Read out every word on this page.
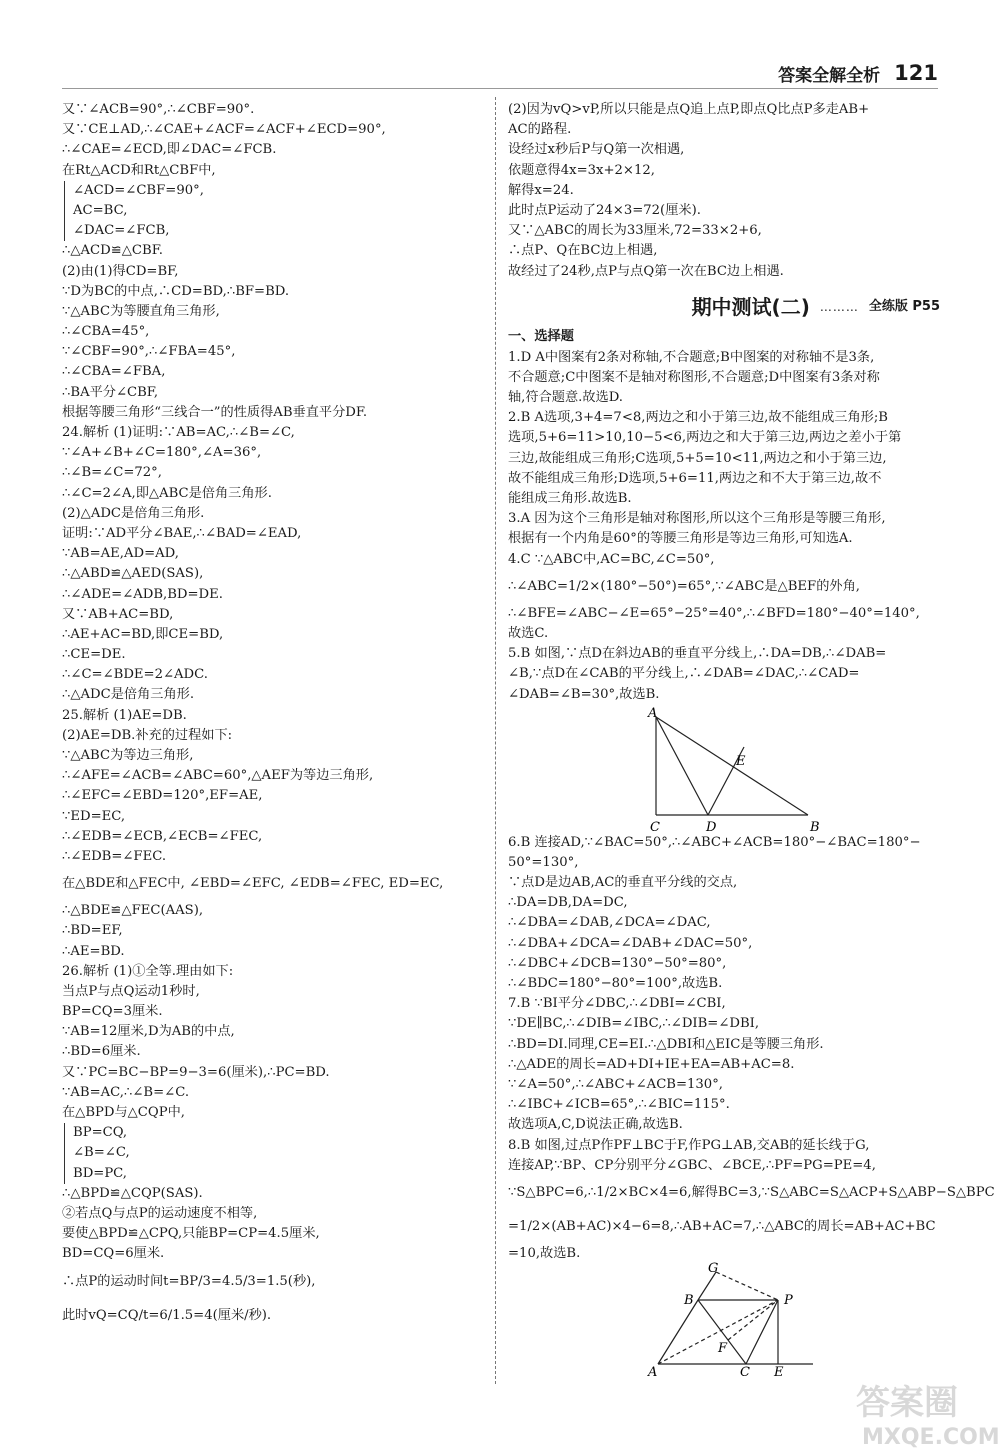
答案全解全析 121
又∵∠ACB=90°,∴∠CBF=90°.
又∵CE⊥AD,∴∠CAE+∠ACF=∠ACF+∠ECD=90°,
∴∠CAE=∠ECD,即∠DAC=∠FCB.
在Rt△ACD和Rt△CBF中,
∠ACD=∠CBF=90°,
AC=BC,
∠DAC=∠FCB,
∴△ACD≌△CBF.
(2)由(1)得CD=BF,
∵D为BC的中点,∴CD=BD,∴BF=BD.
∵△ABC为等腰直角三角形,
∴∠CBA=45°,
∵∠CBF=90°,∴∠FBA=45°,
∴∠CBA=∠FBA,
∴BA平分∠CBF,
根据等腰三角形“三线合一”的性质得AB垂直平分DF.
24.解析 (1)证明:∵AB=AC,∴∠B=∠C,
∵∠A+∠B+∠C=180°,∠A=36°,
∴∠B=∠C=72°,
∴∠C=2∠A,即△ABC是倍角三角形.
(2)△ADC是倍角三角形.
证明:∵AD平分∠BAE,∴∠BAD=∠EAD,
∵AB=AE,AD=AD,
∴△ABD≌△AED(SAS),
∴∠ADE=∠ADB,BD=DE.
又∵AB+AC=BD,
∴AE+AC=BD,即CE=BD,
∴CE=DE.
∴∠C=∠BDE=2∠ADC.
∴△ADC是倍角三角形.
25.解析 (1)AE=DB.
(2)AE=DB.补充的过程如下:
∵△ABC为等边三角形,
∴∠AFE=∠ACB=∠ABC=60°,△AEF为等边三角形,
∴∠EFC=∠EBD=120°,EF=AE,
∵ED=EC,
∴∠EDB=∠ECB,∠ECB=∠FEC,
∴∠EDB=∠FEC.
在△BDE和△FEC中, ∠EBD=∠EFC, ∠EDB=∠FEC, ED=EC,
∴△BDE≌△FEC(AAS),
∴BD=EF,
∴AE=BD.
26.解析 (1)①全等.理由如下:
当点P与点Q运动1秒时,
BP=CQ=3厘米.
∵AB=12厘米,D为AB的中点,
∴BD=6厘米.
又∵PC=BC−BP=9−3=6(厘米),∴PC=BD.
∵AB=AC,∴∠B=∠C.
在△BPD与△CQP中,
BP=CQ,
∠B=∠C,
BD=PC,
∴△BPD≌△CQP(SAS).
②若点Q与点P的运动速度不相等,
要使△BPD≌△CPQ,只能BP=CP=4.5厘米,
BD=CQ=6厘米.
∴点P的运动时间t=BP/3=4.5/3=1.5(秒),
此时vQ=CQ/t=6/1.5=4(厘米/秒).
(2)因为vQ>vP,所以只能是点Q追上点P,即点Q比点P多走AB+
AC的路程.
设经过x秒后P与Q第一次相遇,
依题意得4x=3x+2×12,
解得x=24.
此时点P运动了24×3=72(厘米).
又∵△ABC的周长为33厘米,72=33×2+6,
∴点P、Q在BC边上相遇,
故经过了24秒,点P与点Q第一次在BC边上相遇.
期中测试(二) ……… 全练版 P55
一、选择题
1.D A中图案有2条对称轴,不合题意;B中图案的对称轴不是3条,
不合题意;C中图案不是轴对称图形,不合题意;D中图案有3条对称
轴,符合题意.故选D.
2.B A选项,3+4=7<8,两边之和小于第三边,故不能组成三角形;B
选项,5+6=11>10,10−5<6,两边之和大于第三边,两边之差小于第
三边,故能组成三角形;C选项,5+5=10<11,两边之和小于第三边,
故不能组成三角形;D选项,5+6=11,两边之和不大于第三边,故不
能组成三角形.故选B.
3.A 因为这个三角形是轴对称图形,所以这个三角形是等腰三角形,
根据有一个内角是60°的等腰三角形是等边三角形,可知选A.
4.C ∵△ABC中,AC=BC,∠C=50°,
∴∠ABC=1/2×(180°−50°)=65°,∵∠ABC是△BEF的外角,
∴∠BFE=∠ABC−∠E=65°−25°=40°,∴∠BFD=180°−40°=140°,
故选C.
5.B 如图,∵点D在斜边AB的垂直平分线上,∴DA=DB,∴∠DAB=
∠B,∵点D在∠CAB的平分线上,∴∠DAB=∠DAC,∴∠CAD=
∠DAB=∠B=30°,故选B.
A
C	D	B
E
6.B 连接AD,∵∠BAC=50°,∴∠ABC+∠ACB=180°−∠BAC=180°−
50°=130°,
∵点D是边AB,AC的垂直平分线的交点,
∴DA=DB,DA=DC,
∴∠DBA=∠DAB,∠DCA=∠DAC,
∴∠DBA+∠DCA=∠DAB+∠DAC=50°,
∴∠DBC+∠DCB=130°−50°=80°,
∴∠BDC=180°−80°=100°,故选B.
7.B ∵BI平分∠DBC,∴∠DBI=∠CBI,
∵DE∥BC,∴∠DIB=∠IBC,∴∠DIB=∠DBI,
∴BD=DI.同理,CE=EI.∴△DBI和△EIC是等腰三角形.
∴△ADE的周长=AD+DI+IE+EA=AB+AC=8.
∵∠A=50°,∴∠ABC+∠ACB=130°,
∴∠IBC+∠ICB=65°,∴∠BIC=115°.
故选项A,C,D说法正确,故选B.
8.B 如图,过点P作PF⊥BC于F,作PG⊥AB,交AB的延长线于G,
连接AP,∵BP、CP分别平分∠GBC、∠BCE,∴PF=PG=PE=4,
∵S△BPC=6,∴1/2×BC×4=6,解得BC=3,∵S△ABC=S△ACP+S△ABP−S△BPC
=1/2×(AB+AC)×4−6=8,∴AB+AC=7,∴△ABC的周长=AB+AC+BC
=10,故选B.
G
B	P
F
A	C E
答案圈
MXQE.COM
